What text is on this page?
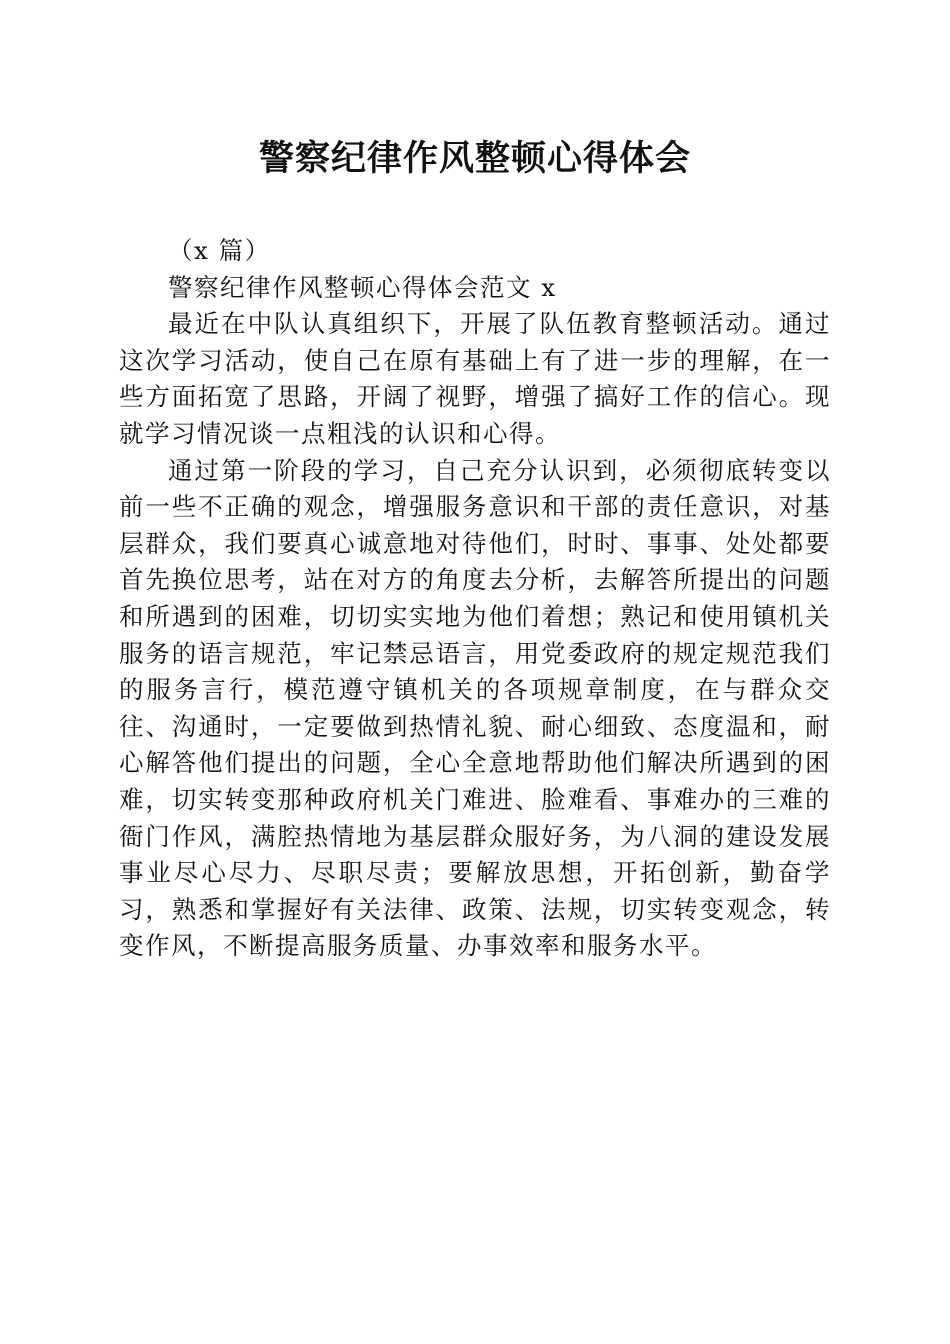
警察纪律作风整顿心得体会

（x 篇）

警察纪律作风整顿心得体会范文 x

最近在中队认真组织下，开展了队伍教育整顿活动。通过这次学习活动，使自己在原有基础上有了进一步的理解，在一些方面拓宽了思路，开阔了视野，增强了搞好工作的信心。现就学习情况谈一点粗浅的认识和心得。

通过第一阶段的学习，自己充分认识到，必须彻底转变以前一些不正确的观念，增强服务意识和干部的责任意识，对基层群众，我们要真心诚意地对待他们，时时、事事、处处都要首先换位思考，站在对方的角度去分析，去解答所提出的问题和所遇到的困难，切切实实地为他们着想；熟记和使用镇机关服务的语言规范，牢记禁忌语言，用党委政府的规定规范我们的服务言行，模范遵守镇机关的各项规章制度，在与群众交往、沟通时，一定要做到热情礼貌、耐心细致、态度温和，耐心解答他们提出的问题，全心全意地帮助他们解决所遇到的困难，切实转变那种政府机关门难进、脸难看、事难办的三难的衙门作风，满腔热情地为基层群众服好务，为八洞的建设发展事业尽心尽力、尽职尽责；要解放思想，开拓创新，勤奋学习，熟悉和掌握好有关法律、政策、法规，切实转变观念，转变作风，不断提高服务质量、办事效率和服务水平。
